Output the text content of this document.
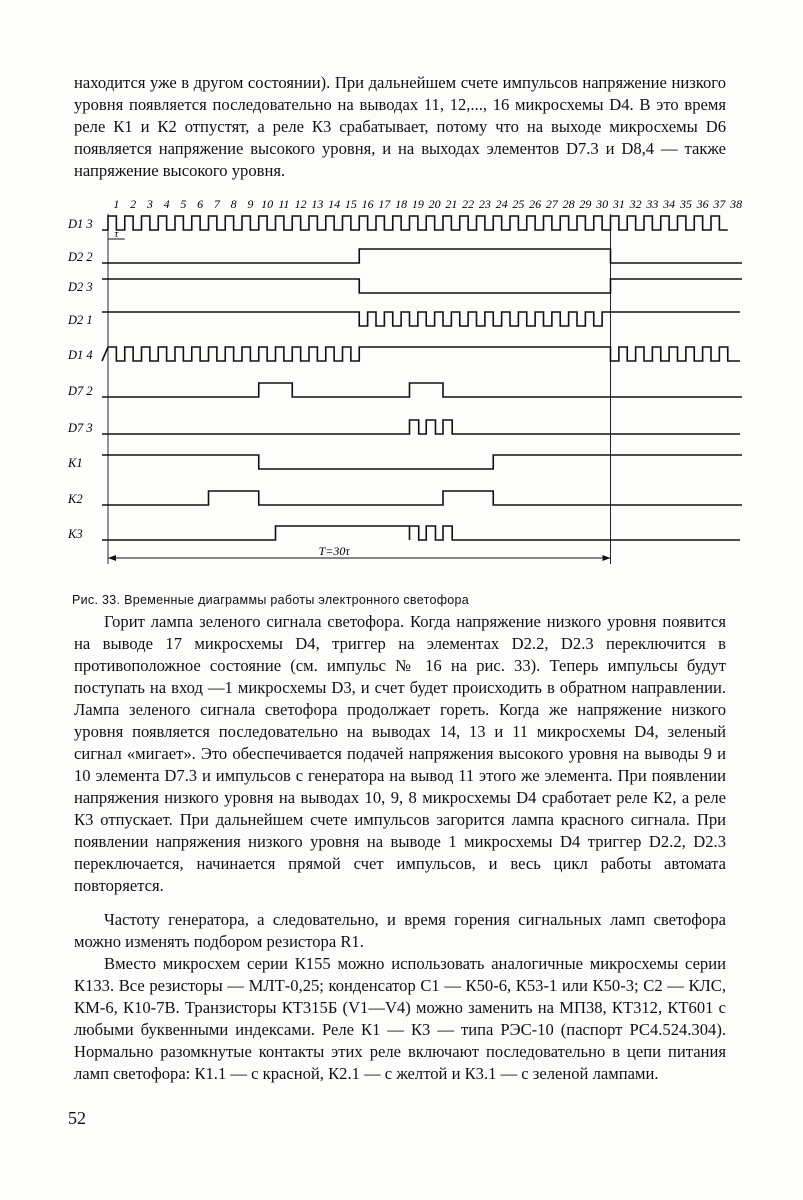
находится уже в другом состоянии). При дальнейшем счете импульсов напряжение низкого уровня появляется последовательно на выводах 11, 12,..., 16 микросхемы D4. В это время реле К1 и К2 отпустят, а реле К3 срабатывает, потому что на выходе микросхемы D6 появляется напряжение высокого уровня, и на выходах элементов D7.3 и D8,4 — также напряжение высокого уровня.

1 2 3 4 5 6 7 8 9 10 11 12 13 14 15 16 17 18 19 20 21 22 23 24 25 26 27 28 29 30 31 32 33 34 35 36 37 38
D1 3
D2 2
D2 3
D2 1
D1 4
D7 2
D7 3
K1
K2
K3
τ
T=30τ
Рис. 33. Временные диаграммы работы электронного светофора

Горит лампа зеленого сигнала светофора. Когда напряжение низкого уровня появится на выводе 17 микросхемы D4, триггер на элементах D2.2, D2.3 переключится в противоположное состояние (см. импульс № 16 на рис. 33). Теперь импульсы будут поступать на вход —1 микросхемы D3, и счет будет происходить в обратном направлении. Лампа зеленого сигнала светофора продолжает гореть. Когда же напряжение низкого уровня появляется последовательно на выводах 14, 13 и 11 микросхемы D4, зеленый сигнал «мигает». Это обеспечивается подачей напряжения высокого уровня на выводы 9 и 10 элемента D7.3 и импульсов с генератора на вывод 11 этого же элемента. При появлении напряжения низкого уровня на выводах 10, 9, 8 микросхемы D4 сработает реле К2, а реле К3 отпускает. При дальнейшем счете импульсов загорится лампа красного сигнала. При появлении напряжения низкого уровня на выводе 1 микросхемы D4 триггер D2.2, D2.3 переключается, начинается прямой счет импульсов, и весь цикл работы автомата повторяется.

Частоту генератора, а следовательно, и время горения сигнальных ламп светофора можно изменять подбором резистора R1.

Вместо микросхем серии К155 можно использовать аналогичные микросхемы серии К133. Все резисторы — МЛТ-0,25; конденсатор С1 — К50-6, К53-1 или К50-3; С2 — КЛС, КМ-6, К10-7В. Транзисторы КТ315Б (V1—V4) можно заменить на МП38, КТ312, КТ601 с любыми буквенными индексами. Реле К1 — К3 — типа РЭС-10 (паспорт РС4.524.304). Нормально разомкнутые контакты этих реле включают последовательно в цепи питания ламп светофора: К1.1 — с красной, К2.1 — с желтой и К3.1 — с зеленой лампами.

52
